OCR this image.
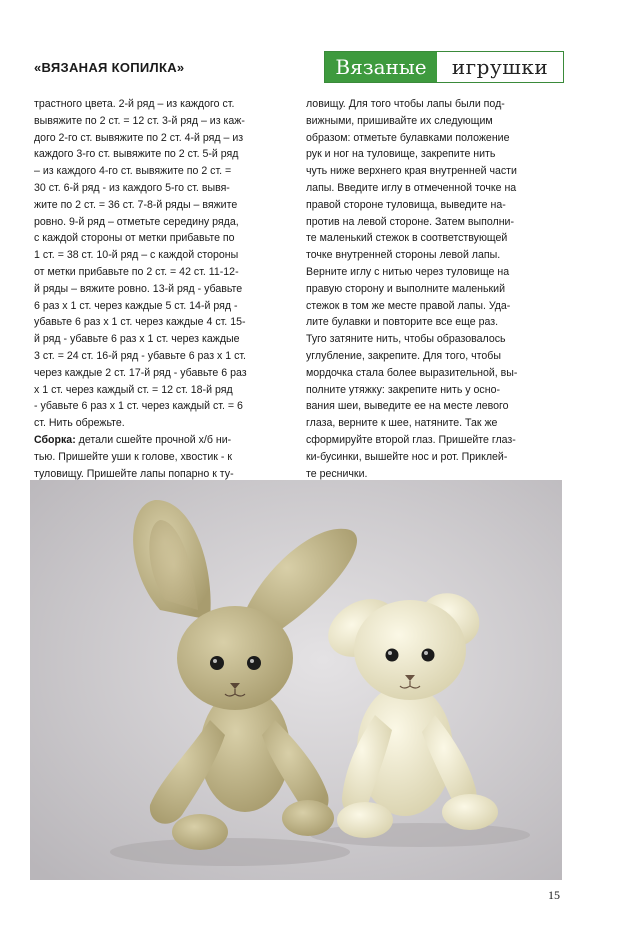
«ВЯЗАНАЯ КОПИЛКА»	Вязаные	игрушки
трастного цвета. 2-й ряд – из каждого ст.
вывяжите по 2 ст. = 12 ст. 3-й ряд – из каж-
дого 2-го ст. вывяжите по 2 ст. 4-й ряд – из
каждого 3-го ст. вывяжите по 2 ст. 5-й ряд
– из каждого 4-го ст. вывяжите по 2 ст. =
30 ст. 6-й ряд - из каждого 5-го ст. вывя-
жите по 2 ст. = 36 ст. 7-8-й ряды – вяжите
ровно. 9-й ряд – отметьте середину ряда,
с каждой стороны от метки прибавьте по
1 ст. = 38 ст. 10-й ряд – с каждой стороны
от метки прибавьте по 2 ст. = 42 ст. 11-12-
й ряды – вяжите ровно. 13-й ряд - убавьте
6 раз х 1 ст. через каждые 5 ст. 14-й ряд -
убавьте 6 раз х 1 ст. через каждые 4 ст. 15-
й ряд - убавьте 6 раз х 1 ст. через каждые
3 ст. = 24 ст. 16-й ряд - убавьте 6 раз х 1 ст.
через каждые 2 ст. 17-й ряд - убавьте 6 раз
х 1 ст. через каждый ст. = 12 ст. 18-й ряд
- убавьте 6 раз х 1 ст. через каждый ст. = 6
ст. Нить обрежьте.
Сборка: детали сшейте прочной х/б ни-
тью. Пришейте уши к голове, хвостик - к
туловищу. Пришейте лапы попарно к ту-
ловищу. Для того чтобы лапы были под-
вижными, пришивайте их следующим
образом: отметьте булавками положение
рук и ног на туловище, закрепите нить
чуть ниже верхнего края внутренней части
лапы. Введите иглу в отмеченной точке на
правой стороне туловища, выведите на-
против на левой стороне. Затем выполни-
те маленький стежок в соответствующей
точке внутренней стороны левой лапы.
Верните иглу с нитью через туловище на
правую сторону и выполните маленький
стежок в том же месте правой лапы. Уда-
лите булавки и повторите все еще раз.
Туго затяните нить, чтобы образовалось
углубление, закрепите. Для того, чтобы
мордочка стала более выразительной, вы-
полните утяжку: закрепите нить у осно-
вания шеи, выведите ее на месте левого
глаза, верните к шее, натяните. Так же
сформируйте второй глаз. Пришейте глаз-
ки-бусинки, вышейте нос и рот. Приклей-
те реснички.
15
